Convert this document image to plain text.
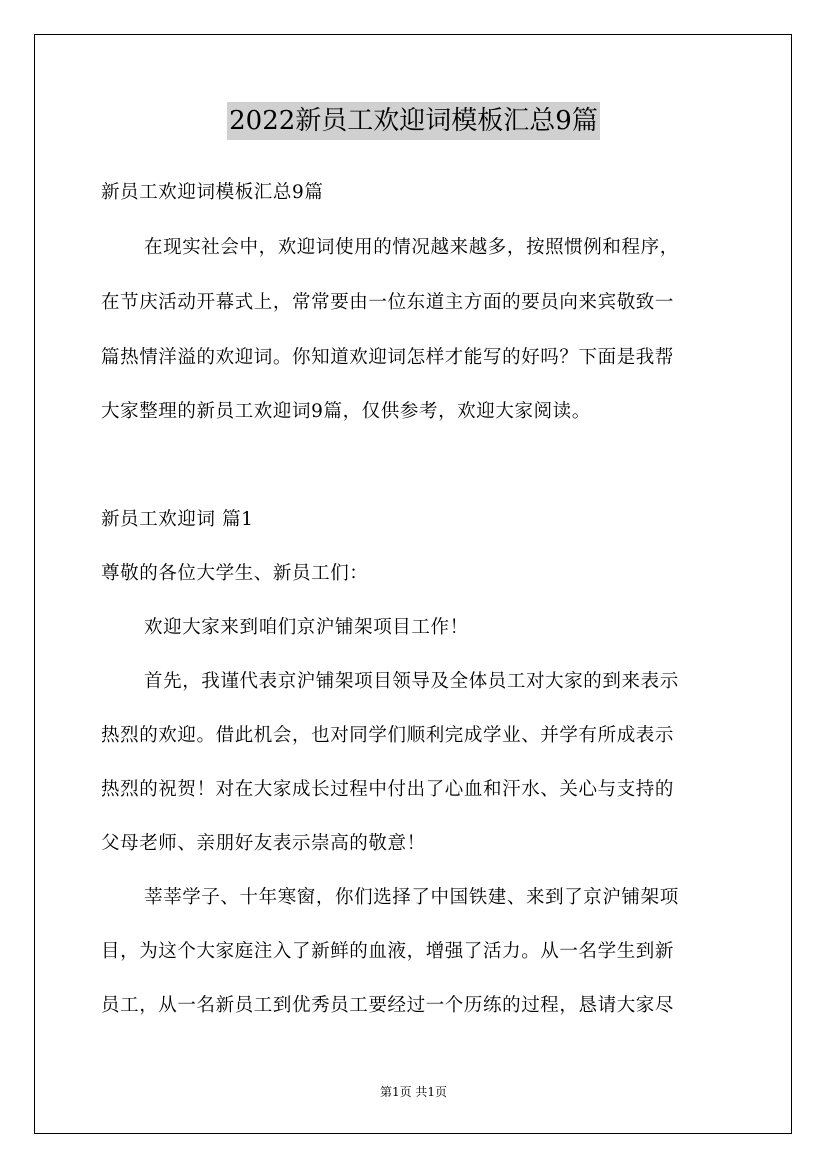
2022新员工欢迎词模板汇总9篇
新员工欢迎词模板汇总9篇
在现实社会中，欢迎词使用的情况越来越多，按照惯例和程序，
在节庆活动开幕式上，常常要由一位东道主方面的要员向来宾敬致一
篇热情洋溢的欢迎词。你知道欢迎词怎样才能写的好吗？下面是我帮
大家整理的新员工欢迎词9篇，仅供参考，欢迎大家阅读。
新员工欢迎词 篇1
尊敬的各位大学生、新员工们：
欢迎大家来到咱们京沪铺架项目工作！
首先，我谨代表京沪铺架项目领导及全体员工对大家的到来表示
热烈的欢迎。借此机会，也对同学们顺利完成学业、并学有所成表示
热烈的祝贺！对在大家成长过程中付出了心血和汗水、关心与支持的
父母老师、亲朋好友表示崇高的敬意！
莘莘学子、十年寒窗，你们选择了中国铁建、来到了京沪铺架项
目，为这个大家庭注入了新鲜的血液，增强了活力。从一名学生到新
员工，从一名新员工到优秀员工要经过一个历练的过程，恳请大家尽
第1页 共1页
